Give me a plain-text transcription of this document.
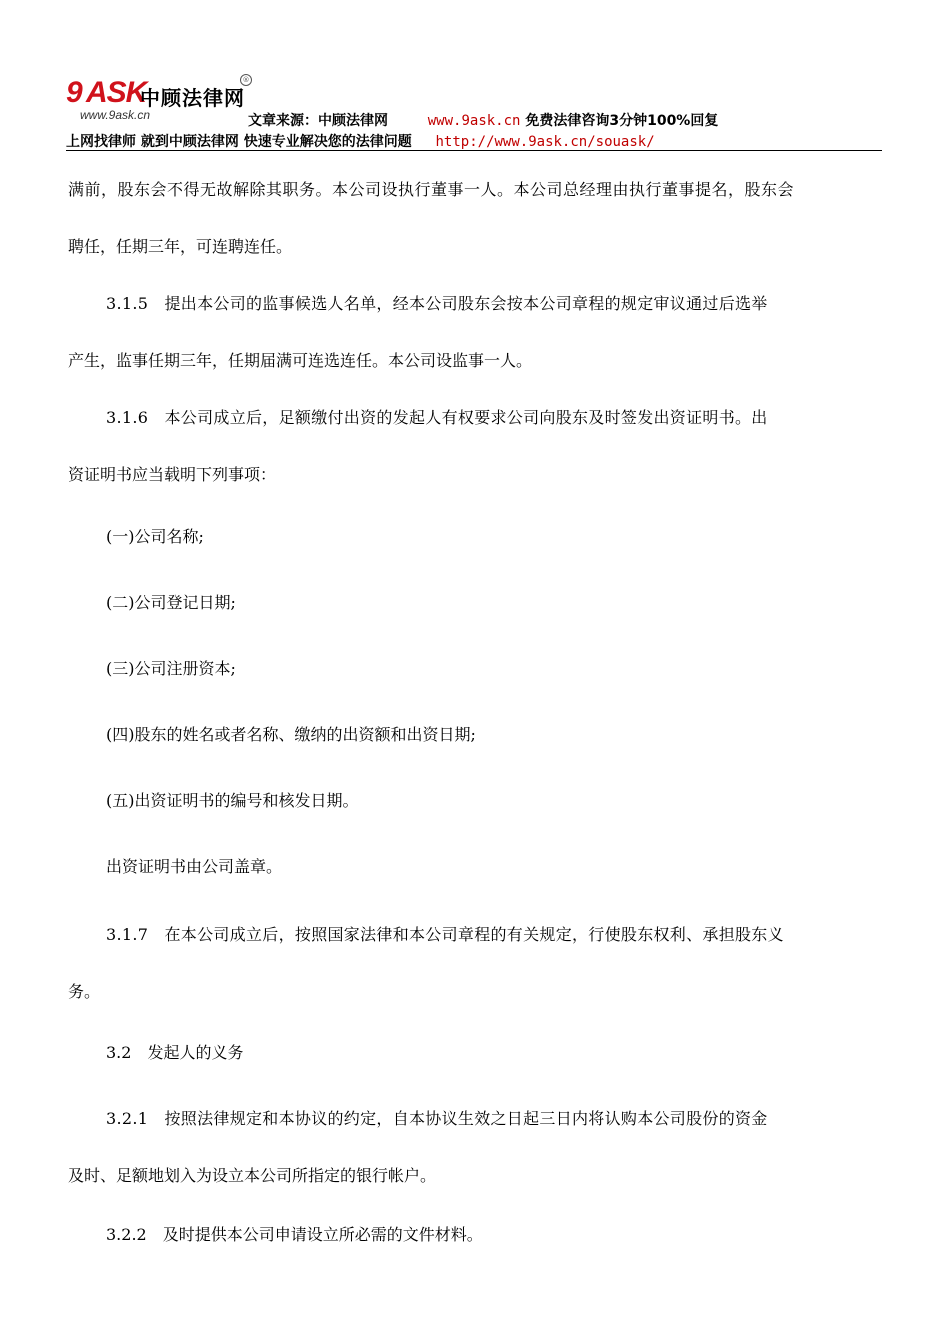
9 ASK
中顾法律网
®
www.9ask.cn	文章来源：中顾法律网	www.9ask.cn 免费法律咨询3分钟100%回复
上网找律师 就到中顾法律网 快速专业解决您的法律问题 http://www.9ask.cn/souask/
满前，股东会不得无故解除其职务。本公司设执行董事一人。本公司总经理由执行董事提名，股东会
聘任，任期三年，可连聘连任。
3.1.5　提出本公司的监事候选人名单，经本公司股东会按本公司章程的规定审议通过后选举
产生，监事任期三年，任期届满可连选连任。本公司设监事一人。
3.1.6　本公司成立后，足额缴付出资的发起人有权要求公司向股东及时签发出资证明书。出
资证明书应当载明下列事项：
(一)公司名称;
(二)公司登记日期;
(三)公司注册资本;
(四)股东的姓名或者名称、缴纳的出资额和出资日期;
(五)出资证明书的编号和核发日期。
出资证明书由公司盖章。
3.1.7　在本公司成立后，按照国家法律和本公司章程的有关规定，行使股东权利、承担股东义
务。
3.2　发起人的义务
3.2.1　按照法律规定和本协议的约定，自本协议生效之日起三日内将认购本公司股份的资金
及时、足额地划入为设立本公司所指定的银行帐户。
3.2.2　及时提供本公司申请设立所必需的文件材料。
